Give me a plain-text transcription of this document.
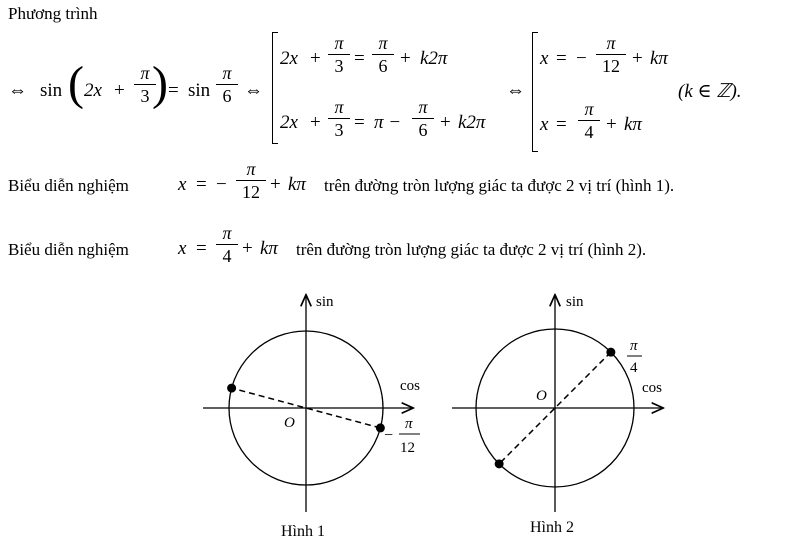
Phương trình
⇔ sin ( 2x +
π
3 ) = sin
π
6 ⇔
2x +
π
3 =
π
6 + k2π
2x +
π
3 = π −
π
6 + k2π
⇔
x = −
π
12 + kπ
x =
π
4 + kπ
(k ∈ ℤ).
Biểu diễn nghiệm	x = −
π
12 + kπ trên đường tròn lượng giác ta được 2 vị trí (hình 1).
Biểu diễn nghiệm	x =
π
4 + kπ trên đường tròn lượng giác ta được 2 vị trí (hình 2).
sin
cos
O
−
π
12
Hình 1
sin
cos
O
π
4
Hình 2
